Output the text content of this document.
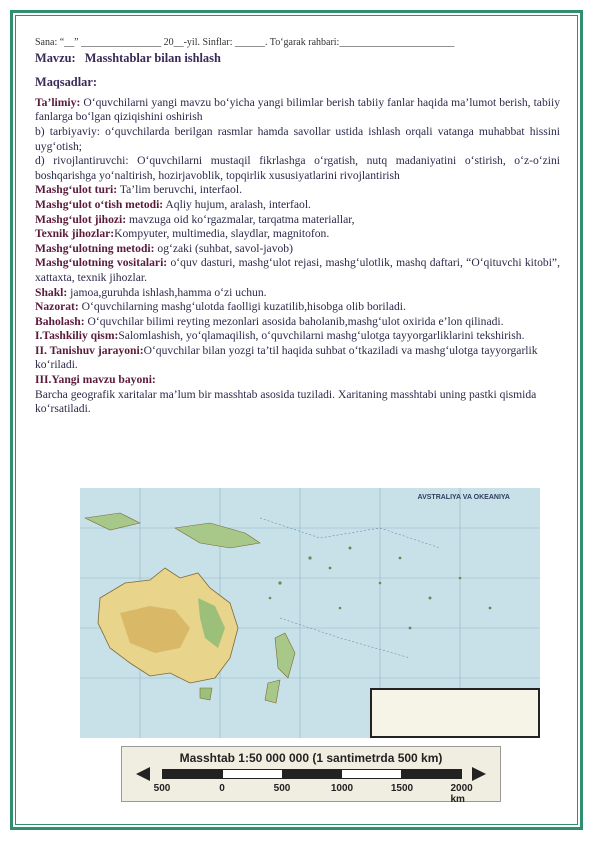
Sana: “__” ________________ 20__-yil. Sinflar: ______. To‘garak rahbari:_______________________
Mavzu: Masshtablar bilan ishlash
Maqsadlar:

Ta’limiy: O‘quvchilarni yangi mavzu bo‘yicha yangi bilimlar berish tabiiy fanlar haqida ma’lumot berish, tabiiy fanlarga bo‘lgan qiziqishini oshirish

b) tarbiyaviy: o‘quvchilarda berilgan rasmlar hamda savollar ustida ishlash orqali vatanga muhabbat hissini uyg‘otish;

d) rivojlantiruvchi: O‘quvchilarni mustaqil fikrlashga o‘rgatish, nutq madaniyatini o‘stirish, o‘z-o‘zini boshqarishga yo‘naltirish, hozirjavoblik, topqirlik xususiyatlarini rivojlantirish

Mashg‘ulot turi: Ta’lim beruvchi, interfaol.

Mashg‘ulot o‘tish metodi: Aqliy hujum, aralash, interfaol.

Mashg‘ulot jihozi: mavzuga oid ko‘rgazmalar, tarqatma materiallar,

Texnik jihozlar:Kompyuter, multimedia, slaydlar, magnitofon.

Mashg‘ulotning metodi: og‘zaki (suhbat, savol-javob)

Mashg‘ulotning vositalari: o‘quv dasturi, mashg‘ulot rejasi, mashg‘ulotlik, mashq daftari, “O‘qituvchi kitobi”, xattaxta, texnik jihozlar.

Shakl: jamoa,guruhda ishlash,hamma o‘zi uchun.

Nazorat: O‘quvchilarning mashg‘ulotda faolligi kuzatilib,hisobga olib boriladi.

Baholash: O‘quvchilar bilimi reyting mezonlari asosida baholanib,mashg‘ulot oxirida e’lon qilinadi.

I.Tashkiliy qism:Salomlashish, yo‘qlamaqilish, o‘quvchilarni mashg‘ulotga tayyorgarliklarini tekshirish.

II. Tanishuv jarayoni:O‘quvchilar bilan yozgi ta’til haqida suhbat o‘tkaziladi va mashg‘ulotga tayyorgarlik ko‘riladi.

III.Yangi mavzu bayoni:

Barcha geografik xaritalar ma’lum bir masshtab asosida tuziladi. Xaritaning masshtabi uning pastki qismida ko‘rsatiladi.

AVSTRALIYA VA OKEANIYA
Masshtab 1:50 000 000 (1 santimetrda 500 km)
500	0	500	1000	1500	2000 km
